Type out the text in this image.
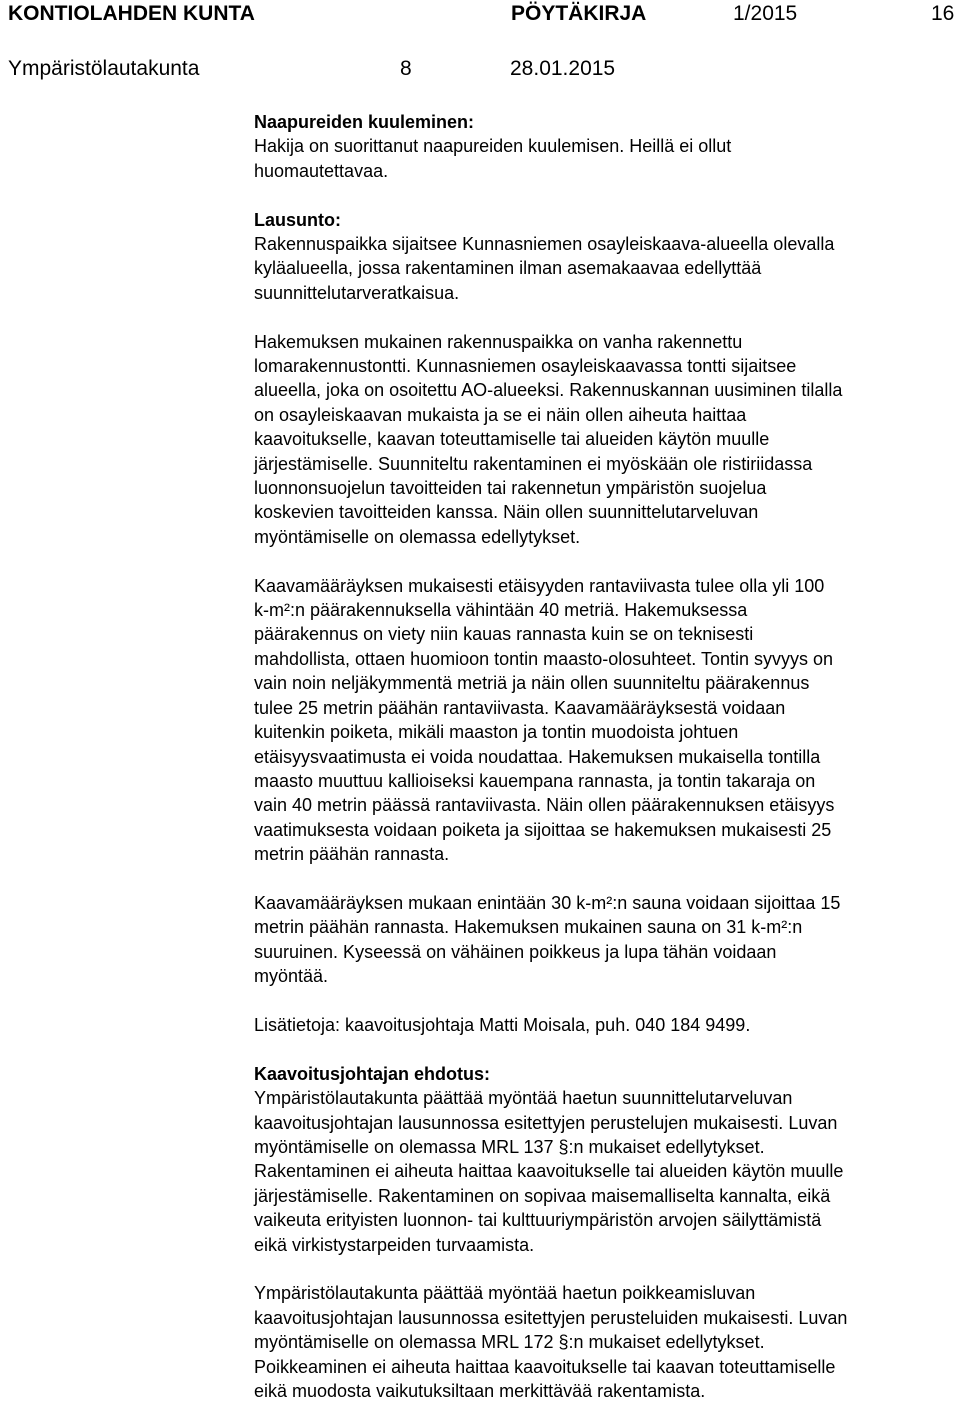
KONTIOLAHDEN KUNTA	PÖYTÄKIRJA	1/2015	16
Ympäristölautakunta	8	28.01.2015

Naapureiden kuuleminen:
Hakija on suorittanut naapureiden kuulemisen. Heillä ei ollut
huomautettavaa.

Lausunto:
Rakennuspaikka sijaitsee Kunnasniemen osayleiskaava-alueella olevalla
kyläalueella, jossa rakentaminen ilman asemakaavaa edellyttää
suunnittelutarveratkaisua.

Hakemuksen mukainen rakennuspaikka on vanha rakennettu
lomarakennustontti. Kunnasniemen osayleiskaavassa tontti sijaitsee
alueella, joka on osoitettu AO-alueeksi. Rakennuskannan uusiminen tilalla
on osayleiskaavan mukaista ja se ei näin ollen aiheuta haittaa
kaavoitukselle, kaavan toteuttamiselle tai alueiden käytön muulle
järjestämiselle. Suunniteltu rakentaminen ei myöskään ole ristiriidassa
luonnonsuojelun tavoitteiden tai rakennetun ympäristön suojelua
koskevien tavoitteiden kanssa. Näin ollen suunnittelutarveluvan
myöntämiselle on olemassa edellytykset.

Kaavamääräyksen mukaisesti etäisyyden rantaviivasta tulee olla yli 100
k-m²:n päärakennuksella vähintään 40 metriä. Hakemuksessa
päärakennus on viety niin kauas rannasta kuin se on teknisesti
mahdollista, ottaen huomioon tontin maasto-olosuhteet. Tontin syvyys on
vain noin neljäkymmentä metriä ja näin ollen suunniteltu päärakennus
tulee 25 metrin päähän rantaviivasta. Kaavamääräyksestä voidaan
kuitenkin poiketa, mikäli maaston ja tontin muodoista johtuen
etäisyysvaatimusta ei voida noudattaa. Hakemuksen mukaisella tontilla
maasto muuttuu kallioiseksi kauempana rannasta, ja tontin takaraja on
vain 40 metrin päässä rantaviivasta. Näin ollen päärakennuksen etäisyys
vaatimuksesta voidaan poiketa ja sijoittaa se hakemuksen mukaisesti 25
metrin päähän rannasta.

Kaavamääräyksen mukaan enintään 30 k-m²:n sauna voidaan sijoittaa 15
metrin päähän rannasta. Hakemuksen mukainen sauna on 31 k-m²:n
suuruinen. Kyseessä on vähäinen poikkeus ja lupa tähän voidaan
myöntää.

Lisätietoja: kaavoitusjohtaja Matti Moisala, puh. 040 184 9499.

Kaavoitusjohtajan ehdotus:
Ympäristölautakunta päättää myöntää haetun suunnittelutarveluvan
kaavoitusjohtajan lausunnossa esitettyjen perustelujen mukaisesti. Luvan
myöntämiselle on olemassa MRL 137 §:n mukaiset edellytykset.
Rakentaminen ei aiheuta haittaa kaavoitukselle tai alueiden käytön muulle
järjestämiselle. Rakentaminen on sopivaa maisemalliselta kannalta, eikä
vaikeuta erityisten luonnon- tai kulttuuriympäristön arvojen säilyttämistä
eikä virkistystarpeiden turvaamista.

Ympäristölautakunta päättää myöntää haetun poikkeamisluvan
kaavoitusjohtajan lausunnossa esitettyjen perusteluiden mukaisesti. Luvan
myöntämiselle on olemassa MRL 172 §:n mukaiset edellytykset.
Poikkeaminen ei aiheuta haittaa kaavoitukselle tai kaavan toteuttamiselle
eikä muodosta vaikutuksiltaan merkittävää rakentamista.
